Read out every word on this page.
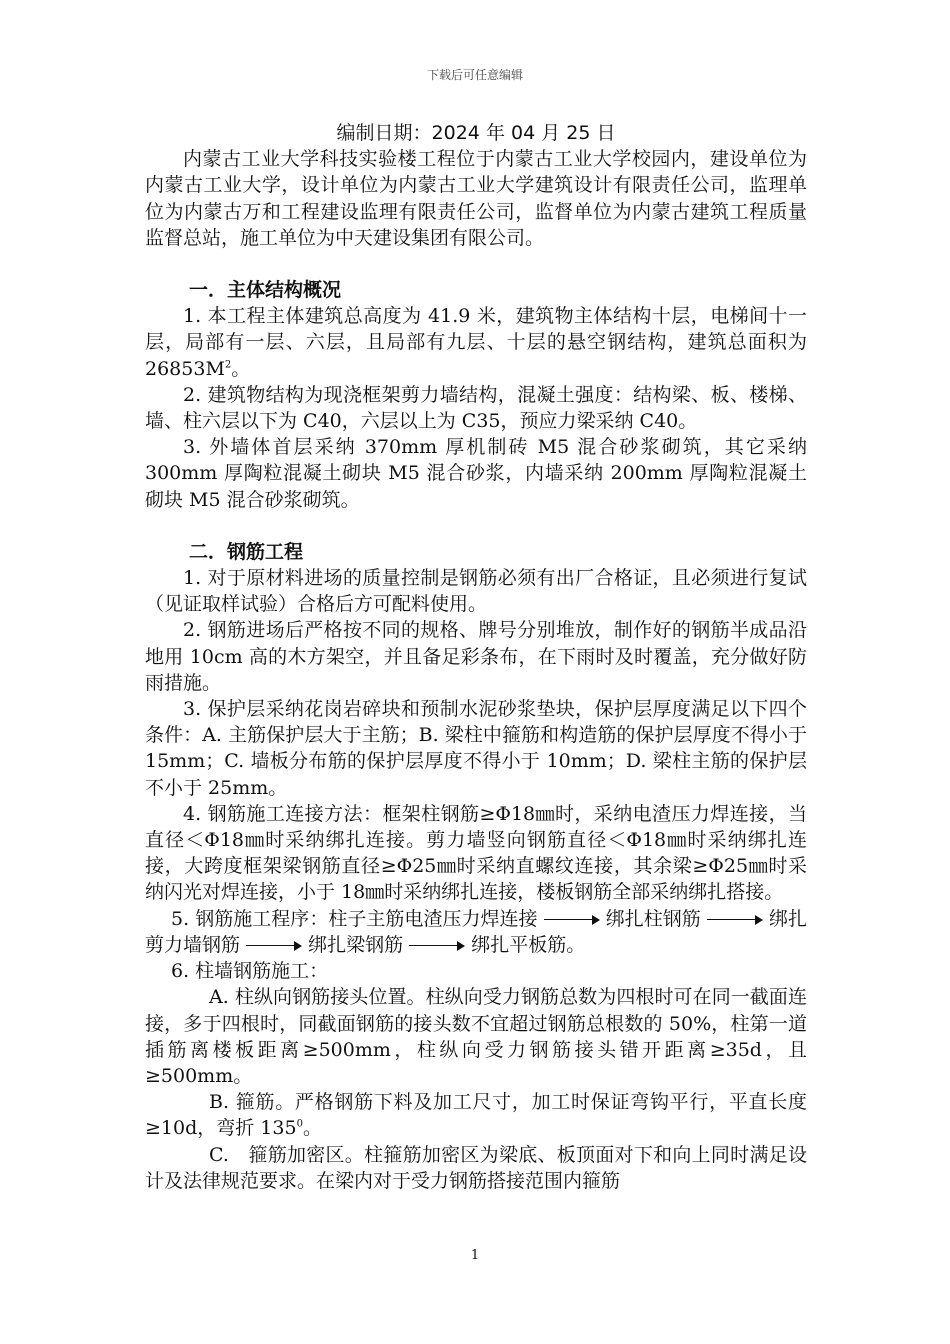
下载后可任意编辑

编制日期：2024 年 04 月 25 日

内蒙古工业大学科技实验楼工程位于内蒙古工业大学校园内，建设单位为内蒙古工业大学，设计单位为内蒙古工业大学建筑设计有限责任公司，监理单位为内蒙古万和工程建设监理有限责任公司，监督单位为内蒙古建筑工程质量监督总站，施工单位为中天建设集团有限公司。

一．主体结构概况

1. 本工程主体建筑总高度为 41.9 米，建筑物主体结构十层，电梯间十一层，局部有一层、六层，且局部有九层、十层的悬空钢结构，建筑总面积为 $26853M^2$。

2. 建筑物结构为现浇框架剪力墙结构，混凝土强度：结构梁、板、楼梯、墙、柱六层以下为 C40，六层以上为 C35，预应力梁采纳 C40。

3. 外墙体首层采纳 370mm 厚机制砖 M5 混合砂浆砌筑，其它采纳 300mm 厚陶粒混凝土砌块 M5 混合砂浆，内墙采纳 200mm 厚陶粒混凝土砌块 M5 混合砂浆砌筑。

二．钢筋工程

1. 对于原材料进场的质量控制是钢筋必须有出厂合格证，且必须进行复试（见证取样试验）合格后方可配料使用。

2. 钢筋进场后严格按不同的规格、牌号分别堆放，制作好的钢筋半成品沿地用 10cm 高的木方架空，并且备足彩条布，在下雨时及时覆盖，充分做好防雨措施。

3. 保护层采纳花岗岩碎块和预制水泥砂浆垫块，保护层厚度满足以下四个条件：A. 主筋保护层大于主筋；B. 梁柱中箍筋和构造筋的保护层厚度不得小于 15mm；C. 墙板分布筋的保护层厚度不得小于 10mm；D. 梁柱主筋的保护层不小于 25mm。

4. 钢筋施工连接方法：框架柱钢筋≥Φ18㎜时，采纳电渣压力焊连接，当直径＜Φ18㎜时采纳绑扎连接。剪力墙竖向钢筋直径＜Φ18㎜时采纳绑扎连接，大跨度框架梁钢筋直径≥Φ25㎜时采纳直螺纹连接，其余梁≥Φ25㎜时采纳闪光对焊连接，小于 18㎜时采纳绑扎连接，楼板钢筋全部采纳绑扎搭接。

5. 钢筋施工程序：柱子主筋电渣压力焊连接	绑扎柱钢筋	绑扎剪力墙钢筋	绑扎梁钢筋	绑扎平板筋。

6. 柱墙钢筋施工：

A. 柱纵向钢筋接头位置。柱纵向受力钢筋总数为四根时可在同一截面连接，多于四根时，同截面钢筋的接头数不宜超过钢筋总根数的 50%，柱第一道插筋离楼板距离≥500mm，柱纵向受力钢筋接头错开距离≥35d，且≥500mm。

B. 箍筋。严格钢筋下料及加工尺寸，加工时保证弯钩平行，平直长度≥10d，弯折 $135^0$。

C.　箍筋加密区。柱箍筋加密区为梁底、板顶面对下和向上同时满足设计及法律规范要求。在梁内对于受力钢筋搭接范围内箍筋

1
